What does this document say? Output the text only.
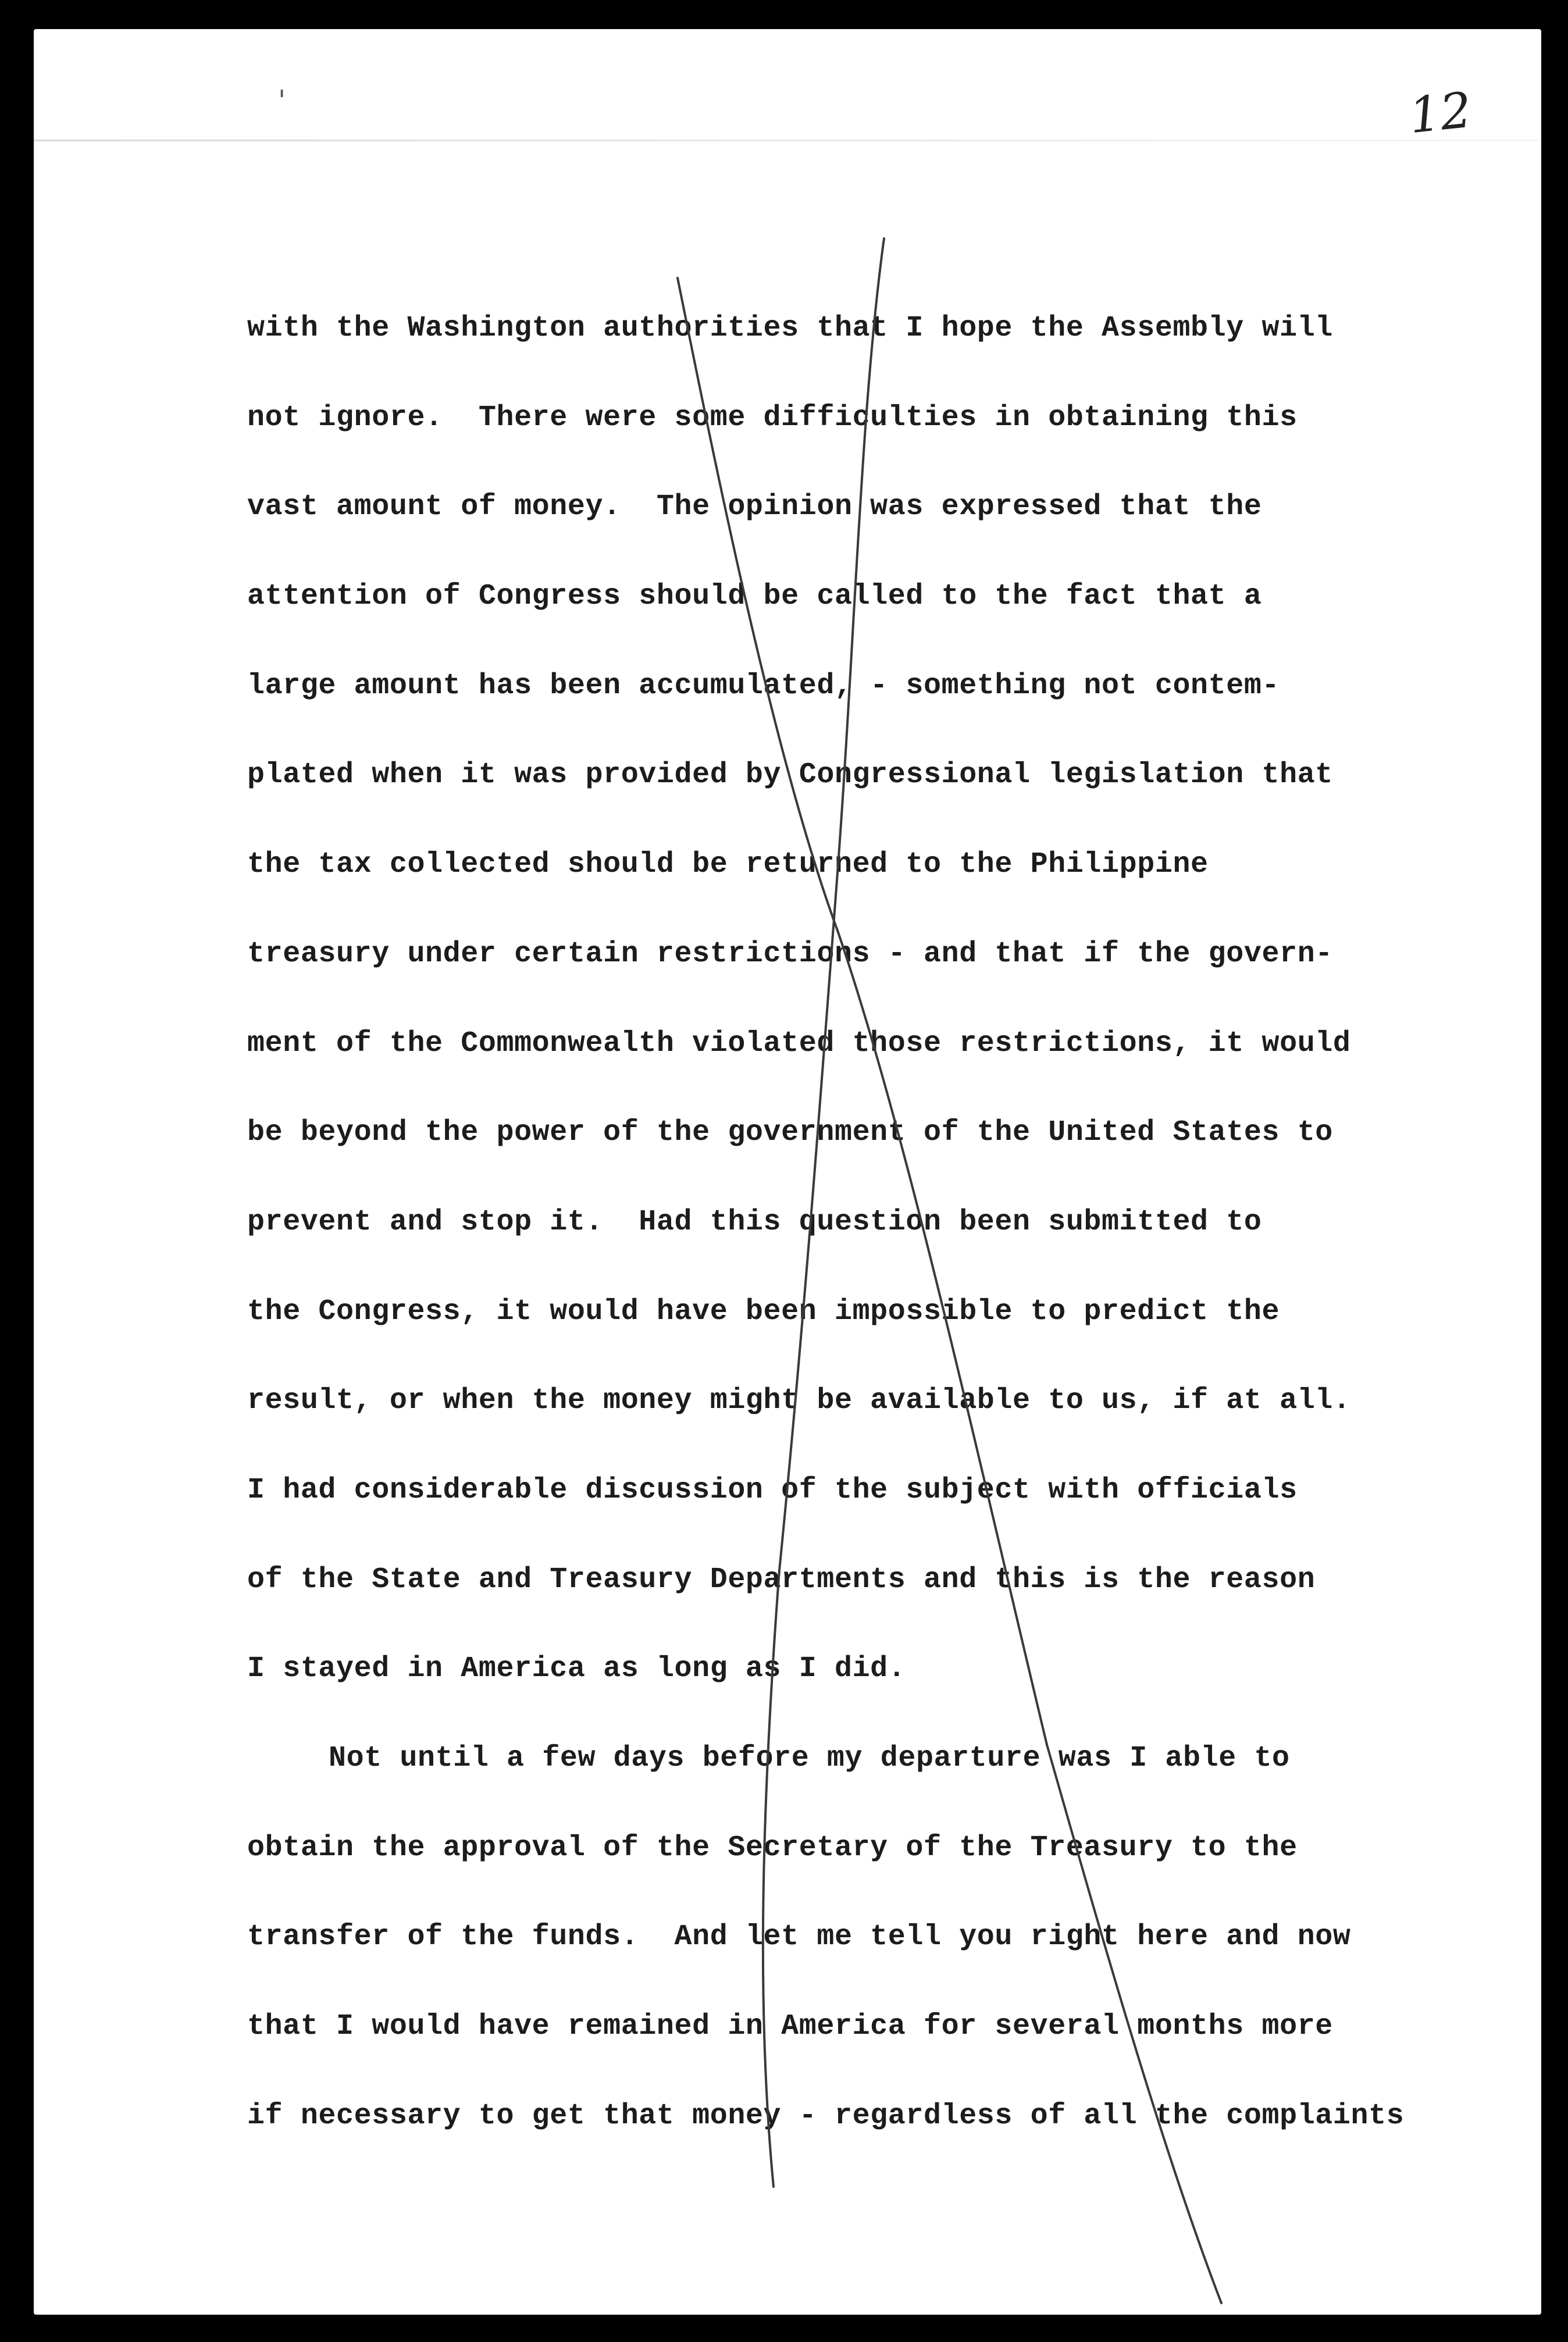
'	12
with the Washington authorities that I hope the Assembly will
not ignore.  There were some difficulties in obtaining this
vast amount of money.  The opinion was expressed that the
attention of Congress should be called to the fact that a
large amount has been accumulated, - something not contem-
plated when it was provided by Congressional legislation that
the tax collected should be returned to the Philippine
treasury under certain restrictions - and that if the govern-
ment of the Commonwealth violated those restrictions, it would
be beyond the power of the government of the United States to
prevent and stop it.  Had this question been submitted to
the Congress, it would have been impossible to predict the
result, or when the money might be available to us, if at all.
I had considerable discussion of the subject with officials
of the State and Treasury Departments and this is the reason
I stayed in America as long as I did.
Not until a few days before my departure was I able to
obtain the approval of the Secretary of the Treasury to the
transfer of the funds.  And let me tell you right here and now
that I would have remained in America for several months more
if necessary to get that money - regardless of all the complaints
